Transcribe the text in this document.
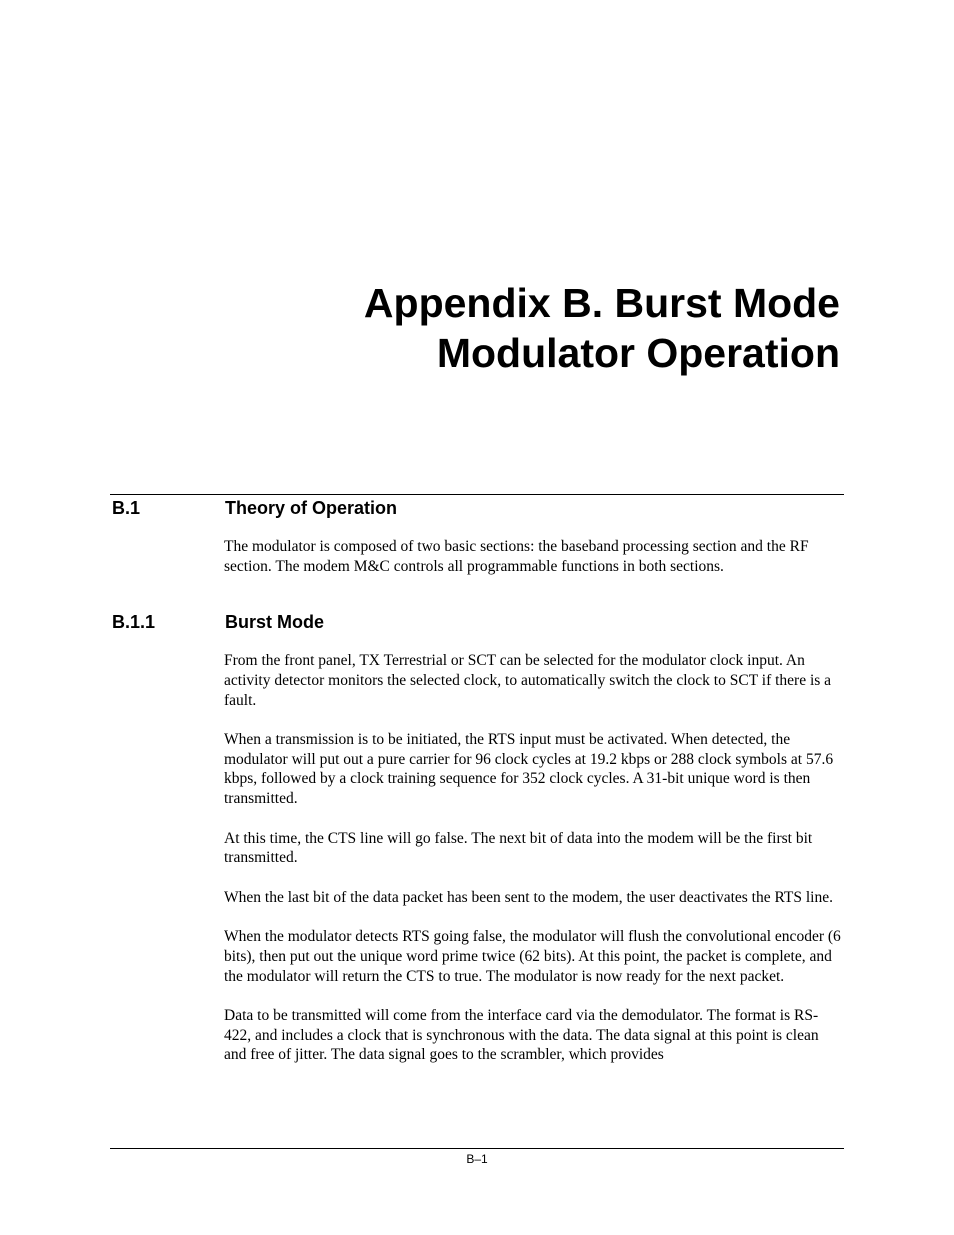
Appendix B. Burst Mode
Modulator Operation
B.1	Theory of Operation

The modulator is composed of two basic sections: the baseband processing section and the RF section. The modem M&C controls all programmable functions in both sections.

B.1.1	Burst Mode

From the front panel, TX Terrestrial or SCT can be selected for the modulator clock input. An activity detector monitors the selected clock, to automatically switch the clock to SCT if there is a fault.

When a transmission is to be initiated, the RTS input must be activated. When detected, the modulator will put out a pure carrier for 96 clock cycles at 19.2 kbps or 288 clock symbols at 57.6 kbps, followed by a clock training sequence for 352 clock cycles. A 31-bit unique word is then transmitted.

At this time, the CTS line will go false. The next bit of data into the modem will be the first bit transmitted.

When the last bit of the data packet has been sent to the modem, the user deactivates the RTS line.

When the modulator detects RTS going false, the modulator will flush the convolutional encoder (6 bits), then put out the unique word prime twice (62 bits). At this point, the packet is complete, and the modulator will return the CTS to true. The modulator is now ready for the next packet.

Data to be transmitted will come from the interface card via the demodulator. The format is RS-422, and includes a clock that is synchronous with the data. The data signal at this point is clean and free of jitter. The data signal goes to the scrambler, which provides

B–1
